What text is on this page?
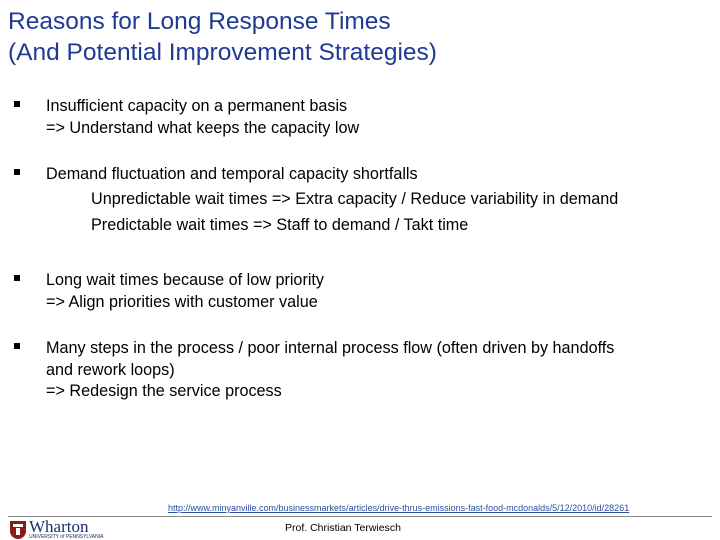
Reasons for Long Response Times
(And Potential Improvement Strategies)
Insufficient capacity on a permanent basis
=> Understand what keeps the capacity low
Demand fluctuation and temporal capacity shortfalls
Unpredictable wait times => Extra capacity / Reduce variability in demand
Predictable wait times => Staff to demand / Takt time
Long wait times because of low priority
=> Align priorities with customer value
Many steps in the process / poor internal process flow (often driven by handoffs
and rework loops)
=> Redesign the service process
http://www.minyanville.com/businessmarkets/articles/drive-thrus-emissions-fast-food-mcdonalds/5/12/2010/id/28261
Wharton
UNIVERSITY of PENNSYLVANIA
Prof. Christian Terwiesch
